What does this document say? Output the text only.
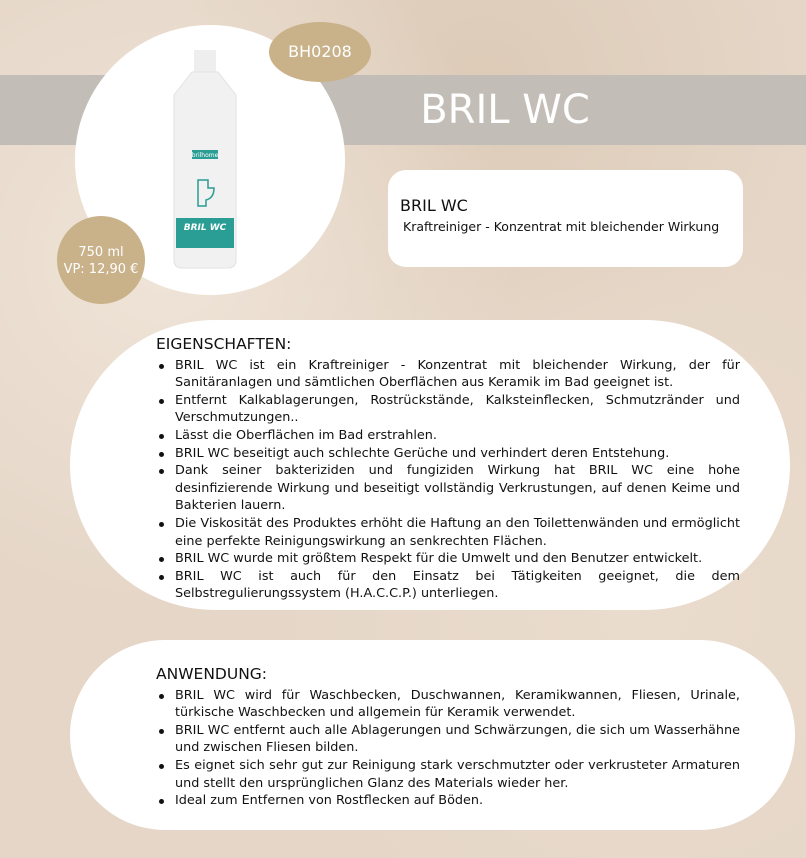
BRIL WC
brilhome
BRIL WC
BH0208
750 ml
VP: 12,90 €
BRIL WC

Kraftreiniger - Konzentrat mit bleichender Wirkung

EIGENSCHAFTEN:
BRIL WC ist ein Kraftreiniger - Konzentrat mit bleichender Wirkung, der für Sanitäranlagen und sämtlichen Oberflächen aus Keramik im Bad geeignet ist.
Entfernt Kalkablagerungen, Rostrückstände, Kalksteinflecken, Schmutzränder und Verschmutzungen..
Lässt die Oberflächen im Bad erstrahlen.
BRIL WC beseitigt auch schlechte Gerüche und verhindert deren Entstehung.
Dank seiner bakteriziden und fungiziden Wirkung hat BRIL WC eine hohe desinfizierende Wirkung und beseitigt vollständig Verkrustungen, auf denen Keime und Bakterien lauern.
Die Viskosität des Produktes erhöht die Haftung an den Toilettenwänden und ermöglicht eine perfekte Reinigungswirkung an senkrechten Flächen.
BRIL WC wurde mit größtem Respekt für die Umwelt und den Benutzer entwickelt.
BRIL WC ist auch für den Einsatz bei Tätigkeiten geeignet, die dem Selbstregulierungssystem (H.A.C.C.P.) unterliegen.
ANWENDUNG:
BRIL WC wird für Waschbecken, Duschwannen, Keramikwannen, Fliesen, Urinale, türkische Waschbecken und allgemein für Keramik verwendet.
BRIL WC entfernt auch alle Ablagerungen und Schwärzungen, die sich um Wasserhähne und zwischen Fliesen bilden.
Es eignet sich sehr gut zur Reinigung stark verschmutzter oder verkrusteter Armaturen und stellt den ursprünglichen Glanz des Materials wieder her.
Ideal zum Entfernen von Rostflecken auf Böden.
